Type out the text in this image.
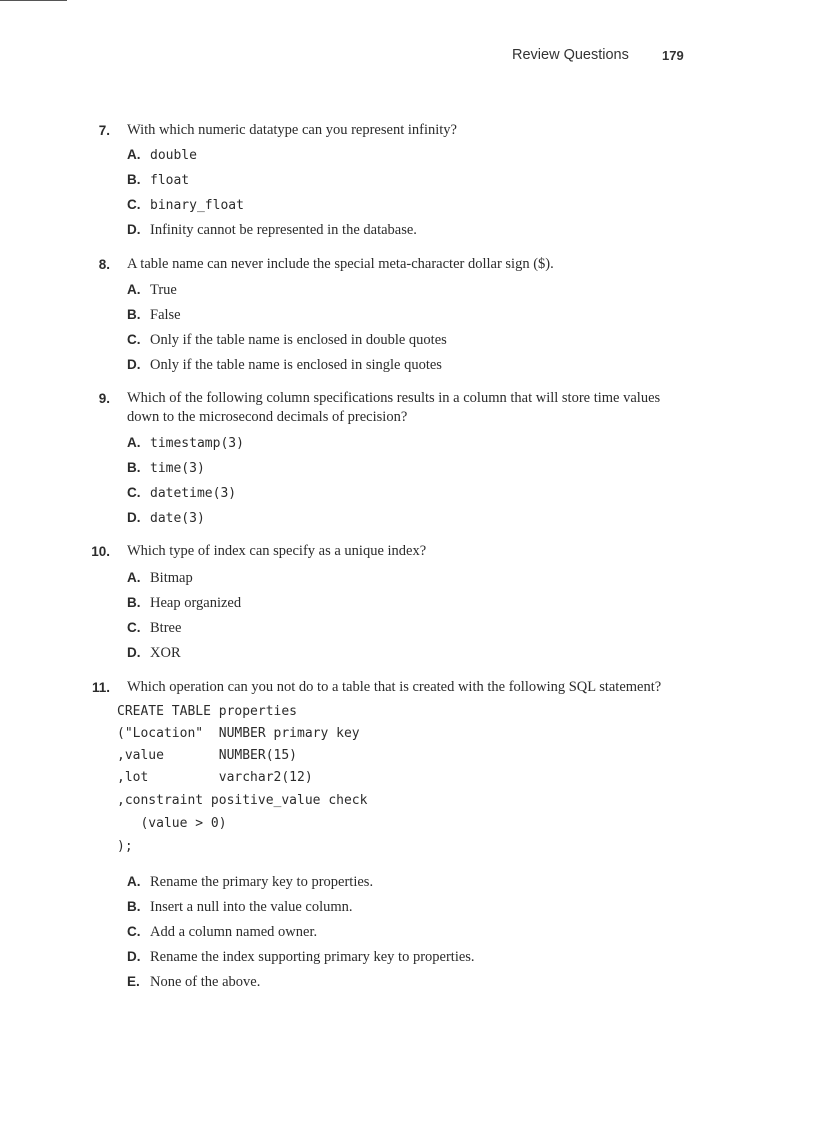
Review Questions	179
7. With which numeric datatype can you represent infinity?
A. double
B. float
C. binary_float
D. Infinity cannot be represented in the database.
8. A table name can never include the special meta-character dollar sign ($).
A. True
B. False
C. Only if the table name is enclosed in double quotes
D. Only if the table name is enclosed in single quotes
9. Which of the following column specifications results in a column that will store time values down to the microsecond decimals of precision?
A. timestamp(3)
B. time(3)
C. datetime(3)
D. date(3)
10. Which type of index can specify as a unique index?
A. Bitmap
B. Heap organized
C. Btree
D. XOR
11. Which operation can you not do to a table that is created with the following SQL statement?
CREATE TABLE properties
("Location"  NUMBER primary key
,value       NUMBER(15)
,lot         varchar2(12)
,constraint positive_value check
(value > 0)
);
A. Rename the primary key to properties.
B. Insert a null into the value column.
C. Add a column named owner.
D. Rename the index supporting primary key to properties.
E. None of the above.
